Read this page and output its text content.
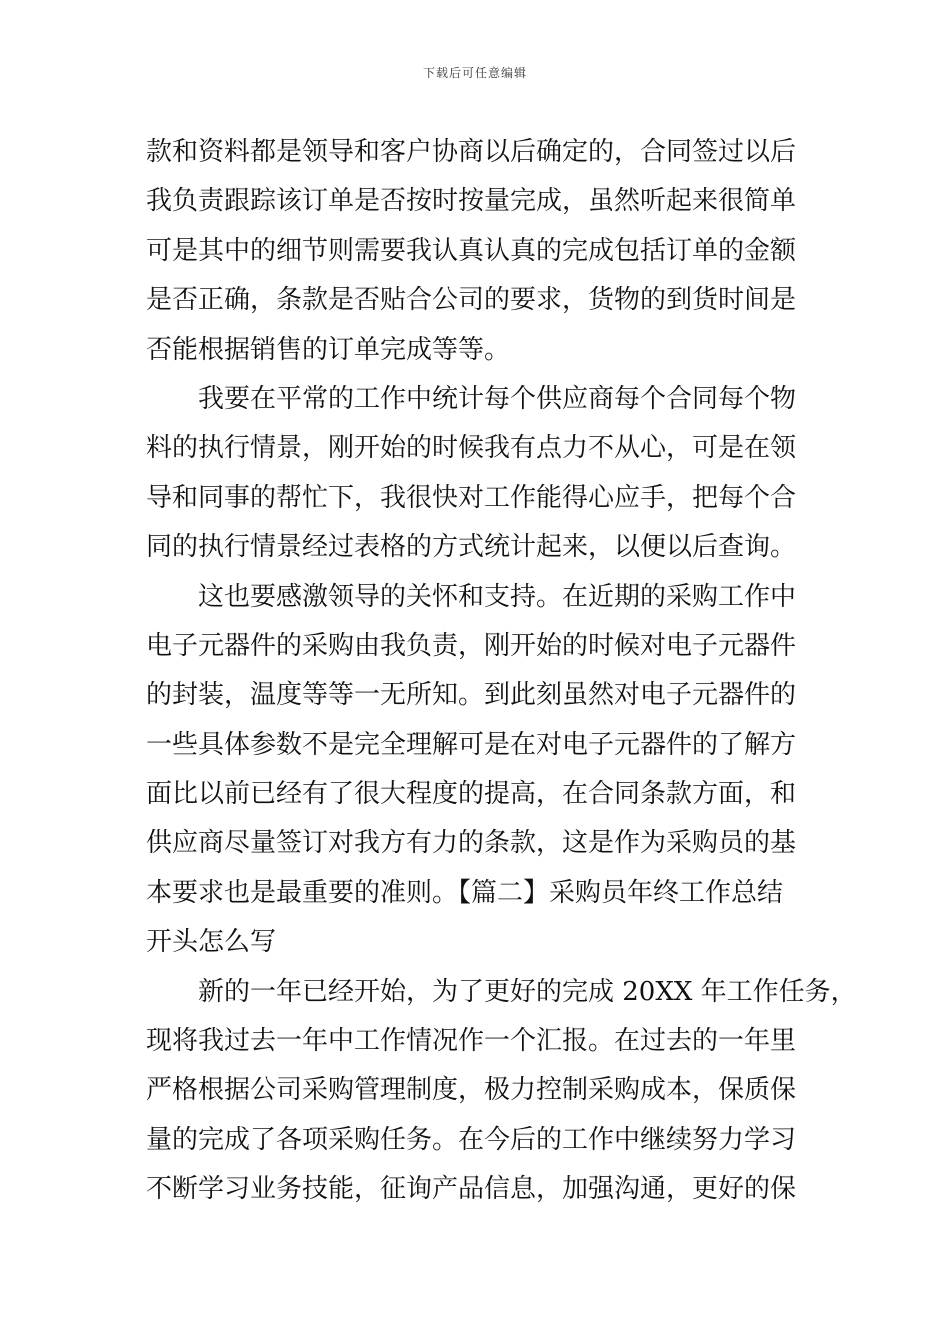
下载后可任意编辑
款和资料都是领导和客户协商以后确定的，合同签过以后
我负责跟踪该订单是否按时按量完成，虽然听起来很简单
可是其中的细节则需要我认真认真的完成包括订单的金额
是否正确，条款是否贴合公司的要求，货物的到货时间是
否能根据销售的订单完成等等。
我要在平常的工作中统计每个供应商每个合同每个物
料的执行情景，刚开始的时候我有点力不从心，可是在领
导和同事的帮忙下，我很快对工作能得心应手，把每个合
同的执行情景经过表格的方式统计起来，以便以后查询。
这也要感激领导的关怀和支持。在近期的采购工作中
电子元器件的采购由我负责，刚开始的时候对电子元器件
的封装，温度等等一无所知。到此刻虽然对电子元器件的
一些具体参数不是完全理解可是在对电子元器件的了解方
面比以前已经有了很大程度的提高，在合同条款方面，和
供应商尽量签订对我方有力的条款，这是作为采购员的基
本要求也是最重要的准则。【篇二】采购员年终工作总结
开头怎么写
新的一年已经开始，为了更好的完成 20XX 年工作任务，
现将我过去一年中工作情况作一个汇报。在过去的一年里
严格根据公司采购管理制度，极力控制采购成本，保质保
量的完成了各项采购任务。在今后的工作中继续努力学习
不断学习业务技能，征询产品信息，加强沟通，更好的保
